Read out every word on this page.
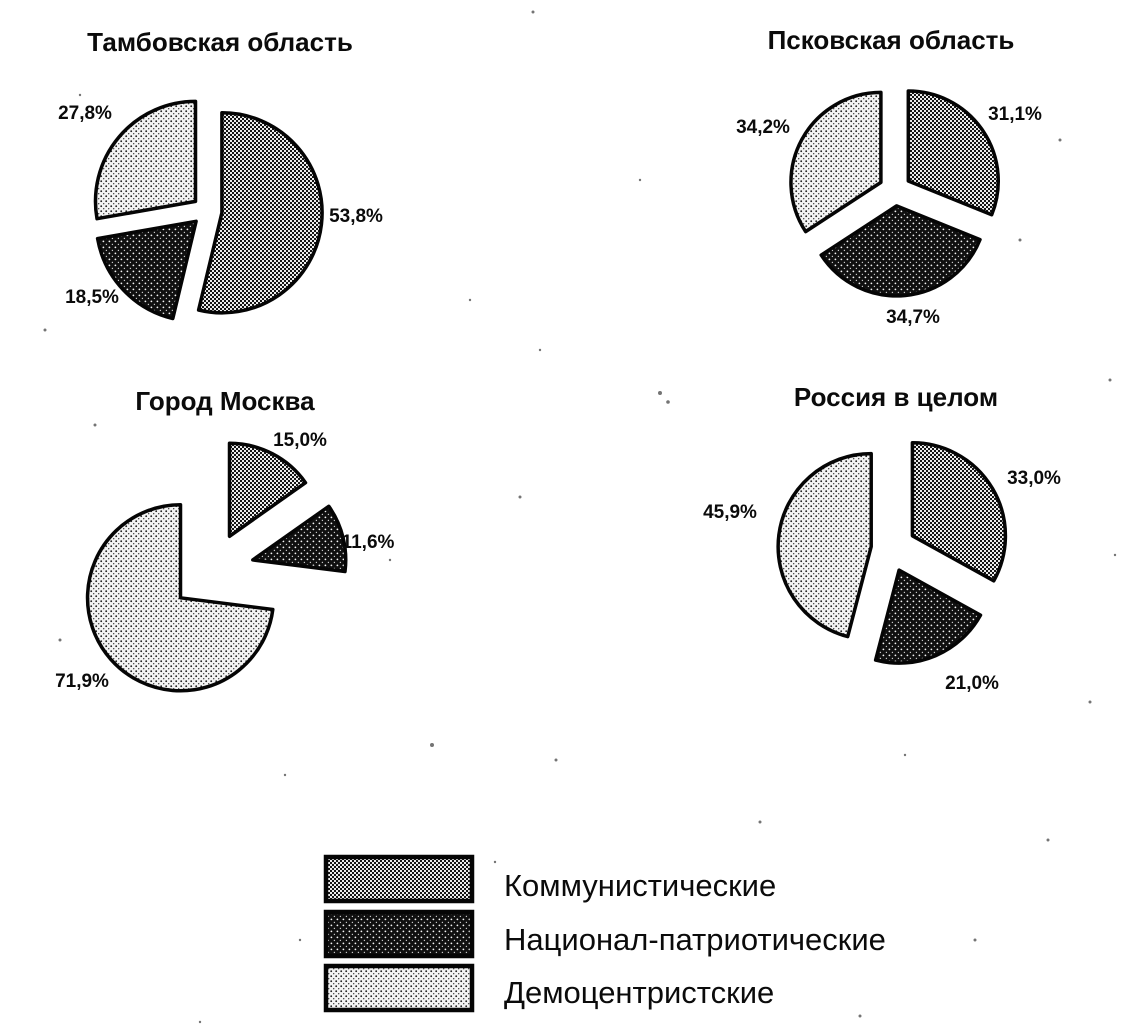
Тамбовская область
53,8%
18,5%
27,8%
Псковская область
31,1%
34,7%
34,2%
Город Москва
15,0%
11,6%
71,9%
Россия в целом
33,0%
21,0%
45,9%
Коммунистические
Национал-патриотические
Демоцентристские
